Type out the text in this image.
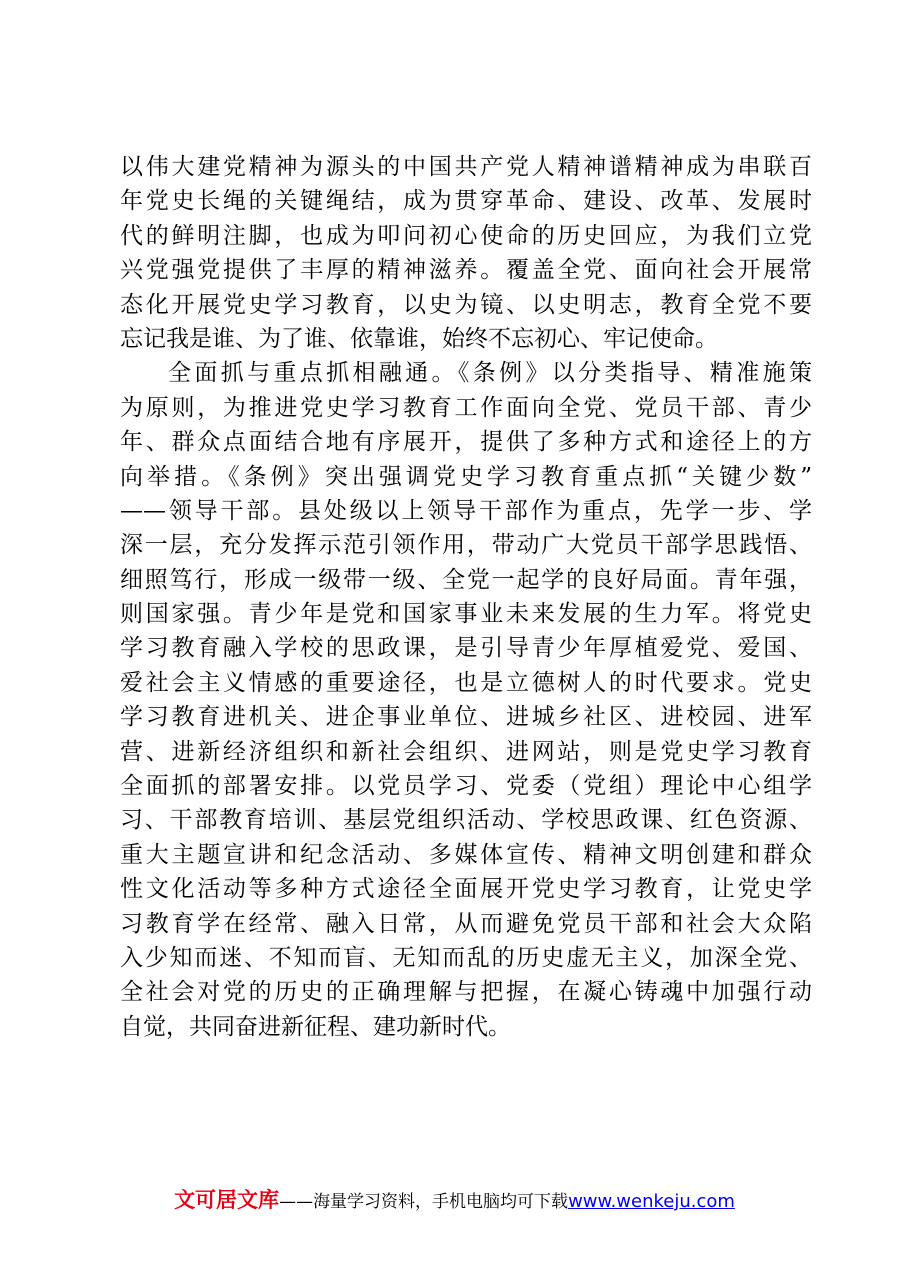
以伟大建党精神为源头的中国共产党人精神谱精神成为串联百
年党史长绳的关键绳结，成为贯穿革命、建设、改革、发展时
代的鲜明注脚，也成为叩问初心使命的历史回应，为我们立党
兴党强党提供了丰厚的精神滋养。覆盖全党、面向社会开展常
态化开展党史学习教育，以史为镜、以史明志，教育全党不要
忘记我是谁、为了谁、依靠谁，始终不忘初心、牢记使命。
全面抓与重点抓相融通。《条例》以分类指导、精准施策
为原则，为推进党史学习教育工作面向全党、党员干部、青少
年、群众点面结合地有序展开，提供了多种方式和途径上的方
向举措。《条例》突出强调党史学习教育重点抓“关键少数”
——领导干部。县处级以上领导干部作为重点，先学一步、学
深一层，充分发挥示范引领作用，带动广大党员干部学思践悟、
细照笃行，形成一级带一级、全党一起学的良好局面。青年强，
则国家强。青少年是党和国家事业未来发展的生力军。将党史
学习教育融入学校的思政课，是引导青少年厚植爱党、爱国、
爱社会主义情感的重要途径，也是立德树人的时代要求。党史
学习教育进机关、进企事业单位、进城乡社区、进校园、进军
营、进新经济组织和新社会组织、进网站，则是党史学习教育
全面抓的部署安排。以党员学习、党委（党组）理论中心组学
习、干部教育培训、基层党组织活动、学校思政课、红色资源、
重大主题宣讲和纪念活动、多媒体宣传、精神文明创建和群众
性文化活动等多种方式途径全面展开党史学习教育，让党史学
习教育学在经常、融入日常，从而避免党员干部和社会大众陷
入少知而迷、不知而盲、无知而乱的历史虚无主义，加深全党、
全社会对党的历史的正确理解与把握，在凝心铸魂中加强行动
自觉，共同奋进新征程、建功新时代。
文可居文库——海量学习资料，手机电脑均可下载www.wenkeju.com
